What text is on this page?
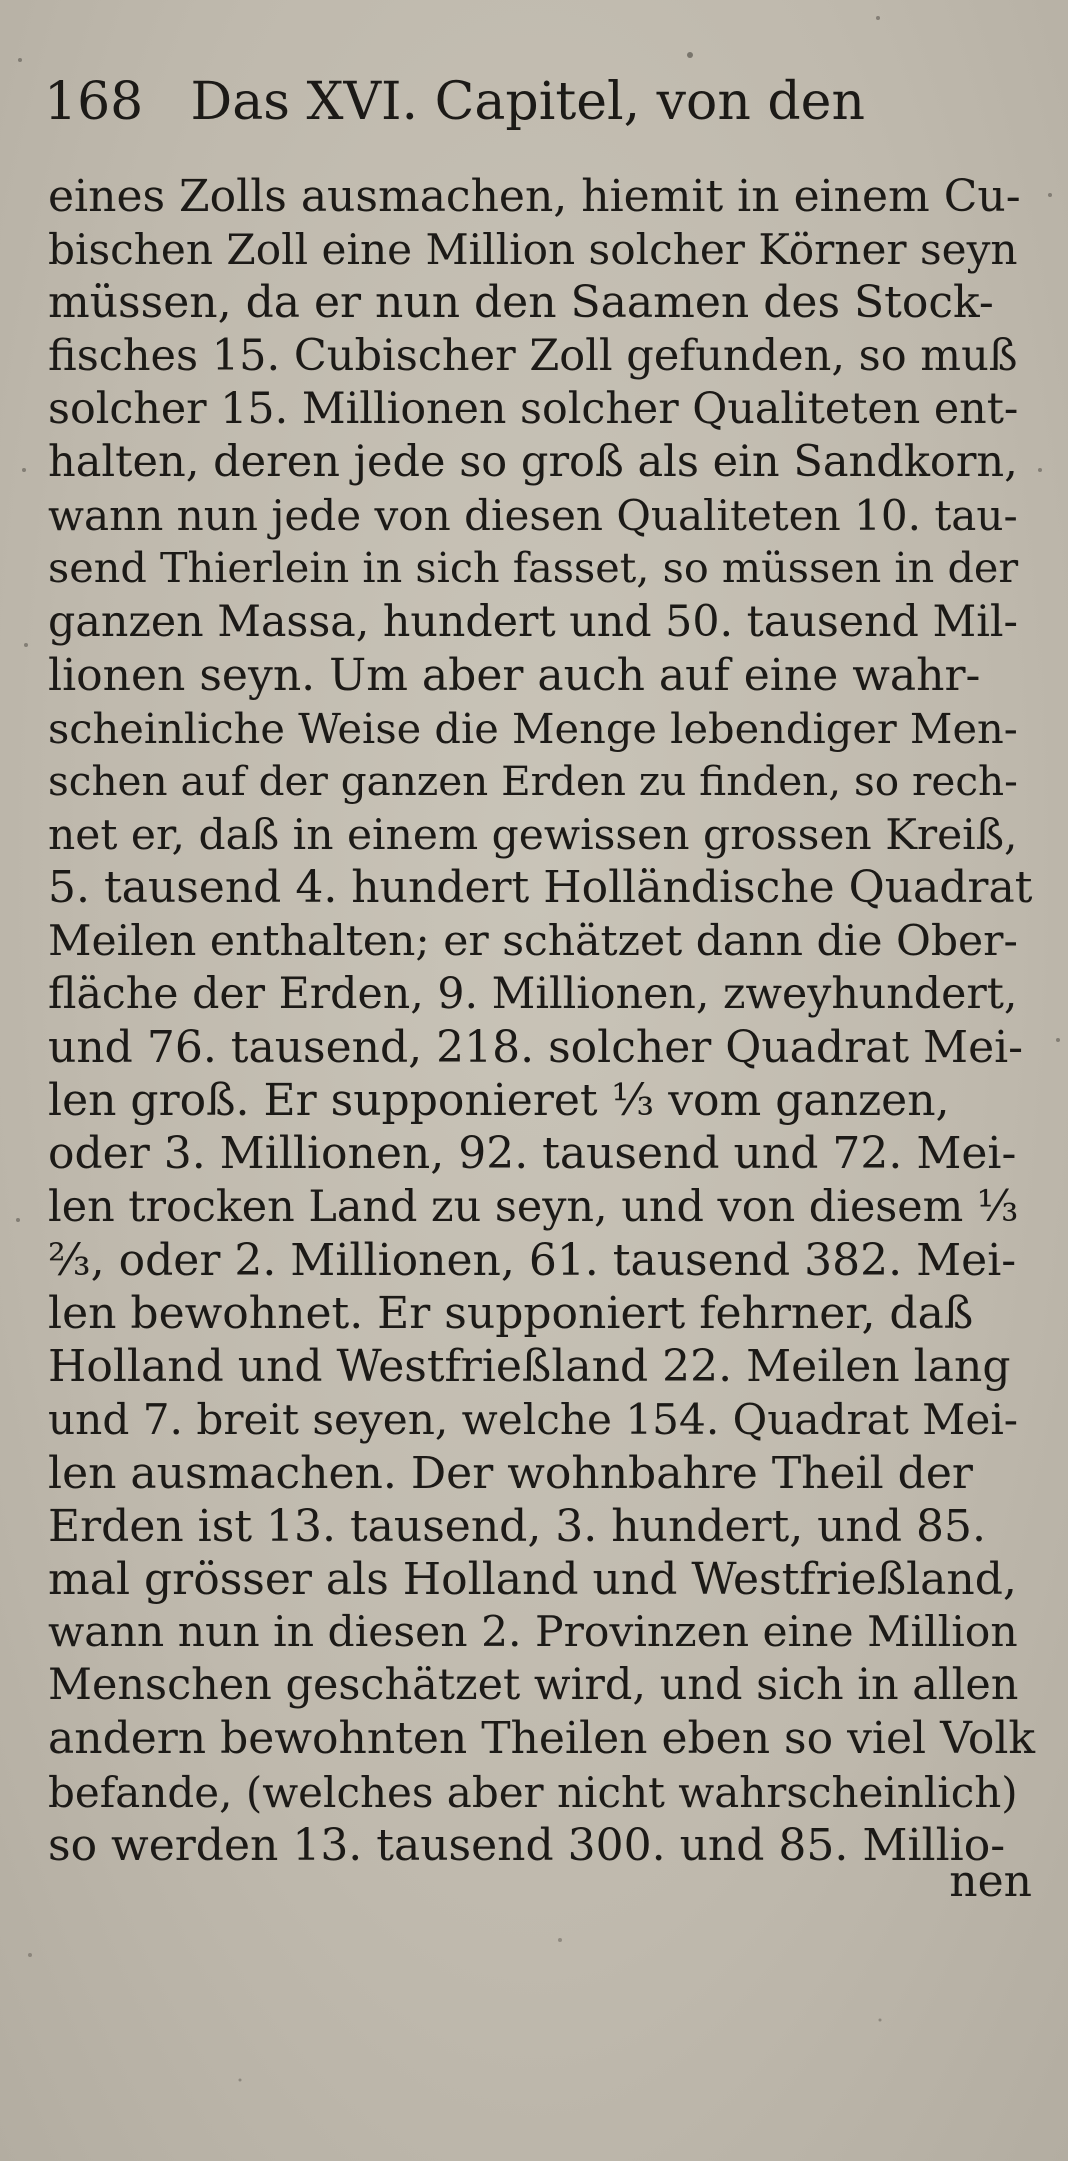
168 Das XVI. Capitel, von den
eines Zolls ausmachen, hiemit in einem Cu-
bischen Zoll eine Million solcher Körner seyn
müssen, da er nun den Saamen des Stock-
fisches 15. Cubischer Zoll gefunden, so muß
solcher 15. Millionen solcher Qualiteten ent-
halten, deren jede so groß als ein Sandkorn,
wann nun jede von diesen Qualiteten 10. tau-
send Thierlein in sich fasset, so müssen in der
ganzen Massa, hundert und 50. tausend Mil-
lionen seyn. Um aber auch auf eine wahr-
scheinliche Weise die Menge lebendiger Men-
schen auf der ganzen Erden zu finden, so rech-
net er, daß in einem gewissen grossen Kreiß,
5. tausend 4. hundert Holländische Quadrat
Meilen enthalten; er schätzet dann die Ober-
fläche der Erden, 9. Millionen, zweyhundert,
und 76. tausend, 218. solcher Quadrat Mei-
len groß. Er supponieret ⅓ vom ganzen,
oder 3. Millionen, 92. tausend und 72. Mei-
len trocken Land zu seyn, und von diesem ⅓
⅔, oder 2. Millionen, 61. tausend 382. Mei-
len bewohnet. Er supponiert fehrner, daß
Holland und Westfrießland 22. Meilen lang
und 7. breit seyen, welche 154. Quadrat Mei-
len ausmachen. Der wohnbahre Theil der
Erden ist 13. tausend, 3. hundert, und 85.
mal grösser als Holland und Westfrießland,
wann nun in diesen 2. Provinzen eine Million
Menschen geschätzet wird, und sich in allen
andern bewohnten Theilen eben so viel Volk
befande, (welches aber nicht wahrscheinlich)
so werden 13. tausend 300. und 85. Millio-
nen
